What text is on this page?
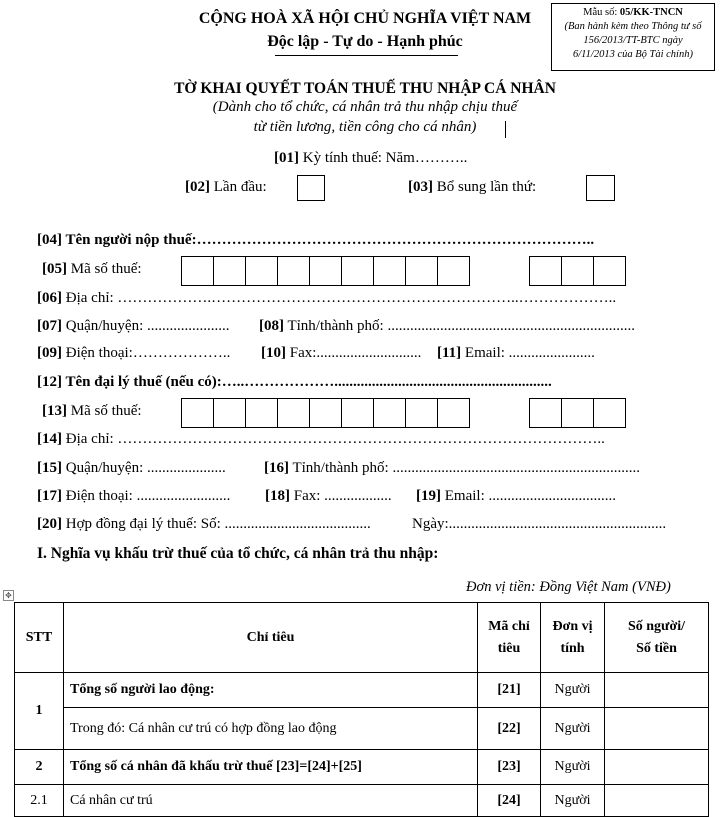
CỘNG HOÀ XÃ HỘI CHỦ NGHĨA VIỆT NAM
Độc lập - Tự do - Hạnh phúc
Mẫu số: 05/KK-TNCN
(Ban hành kèm theo Thông tư số
156/2013/TT-BTC ngày
6/11/2013 của Bộ Tài chính)
TỜ KHAI QUYẾT TOÁN THUẾ THU NHẬP CÁ NHÂN
(Dành cho tổ chức, cá nhân trả thu nhập chịu thuế
từ tiền lương, tiền công cho cá nhân)
[01] Kỳ tính thuế: Năm………..
[02] Lần đầu:	[03] Bổ sung lần thứ:
[04] Tên người nộp thuế:……………………………………………………………………..
[05] Mã số thuế:
[06] Địa chỉ: ……………….……………………………………………………..………………..
[07] Quận/huyện: ...................... [08] Tỉnh/thành phố: ..................................................................
[09] Điện thoại:……………….. [10] Fax:............................ [11] Email: .......................
[12] Tên đại lý thuế (nếu có):…..………………..........................................................
[13] Mã số thuế:
[14] Địa chỉ: ……………………………………………………………………………………..
[15] Quận/huyện: .....................	[16] Tỉnh/thành phố: ..................................................................
[17] Điện thoại: ......................... [18] Fax: .................. [19] Email: ..................................
[20] Hợp đồng đại lý thuế: Số: .......................................	Ngày:..........................................................
I. Nghĩa vụ khấu trừ thuế của tổ chức, cá nhân trả thu nhập:
Đơn vị tiền: Đồng Việt Nam (VNĐ)
✥
STT	Chỉ tiêu	Mã chỉ tiêu	Đơn vị tính	Số người/
Số tiền

1	Tổng số người lao động:	[21]	Người	
	Trong đó: Cá nhân cư trú có hợp đồng lao động	[22]	Người	
2	Tổng số cá nhân đã khấu trừ thuế [23]=[24]+[25]	[23]	Người	
2.1	Cá nhân cư trú	[24]	Người	
